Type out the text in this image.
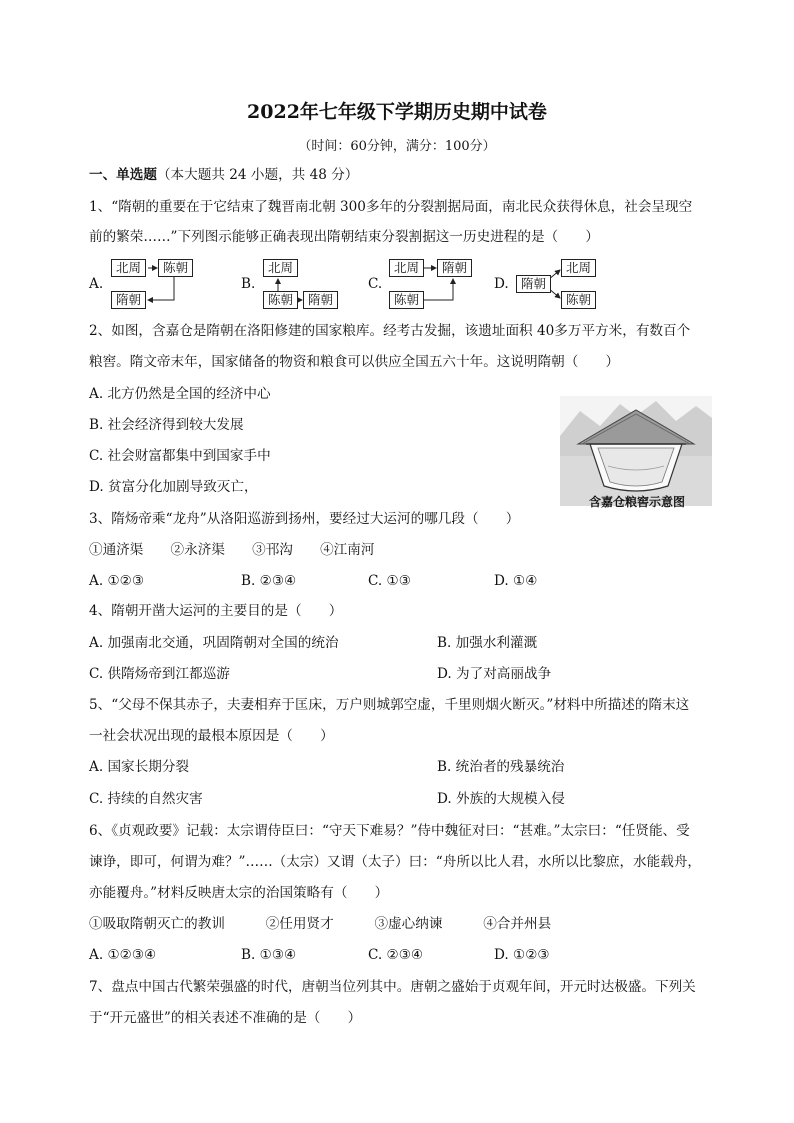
2022年七年级下学期历史期中试卷
（时间：60分钟，满分：100分）
一、单选题（本大题共 24 小题，共 48 分）
1、“隋朝的重要在于它结束了魏晋南北朝 300多年的分裂割据局面，南北民众获得休息，社会呈现空
前的繁荣……”下列图示能够正确表现出隋朝结束分裂割据这一历史进程的是（　　）
A.
北周	陈朝
隋朝
B.
北周
陈朝	隋朝
C.
北周	隋朝
陈朝
D. 隋朝
北周
陈朝
2、如图，含嘉仓是隋朝在洛阳修建的国家粮库。经考古发掘，该遗址面积 40多万平方米，有数百个
粮窖。隋文帝末年，国家储备的物资和粮食可以供应全国五六十年。这说明隋朝（　　）
A. 北方仍然是全国的经济中心
B. 社会经济得到较大发展
C. 社会财富都集中到国家手中
D. 贫富分化加剧导致灭亡，
含嘉仓粮窖示意图
3、隋炀帝乘“龙舟”从洛阳巡游到扬州，要经过大运河的哪几段（　　）
①通济渠　　②永济渠　　③邗沟　　④江南河
A. ①②③	B. ②③④	C. ①③	D. ①④
4、隋朝开凿大运河的主要目的是（　　）
A. 加强南北交通，巩固隋朝对全国的统治	B. 加强水利灌溉
C. 供隋炀帝到江都巡游	D. 为了对高丽战争
5、“父母不保其赤子，夫妻相弃于匡床，万户则城郭空虚，千里则烟火断灭。”材料中所描述的隋末这
一社会状况出现的最根本原因是（　　）
A. 国家长期分裂	B. 统治者的残暴统治
C. 持续的自然灾害	D. 外族的大规模入侵
6、《贞观政要》记载：太宗谓侍臣曰：“守天下难易？”侍中魏征对曰：“甚难。”太宗曰：“任贤能、受
谏诤，即可，何谓为难？”……（太宗）又谓（太子）曰：“舟所以比人君，水所以比黎庶，水能载舟，
亦能覆舟。”材料反映唐太宗的治国策略有（　　）
①吸取隋朝灭亡的教训　　　②任用贤才　　　③虚心纳谏　　　④合并州县
A. ①②③④	B. ①③④	C. ②③④	D. ①②③
7、盘点中国古代繁荣强盛的时代，唐朝当位列其中。唐朝之盛始于贞观年间，开元时达极盛。下列关
于“开元盛世”的相关表述不准确的是（　　）
